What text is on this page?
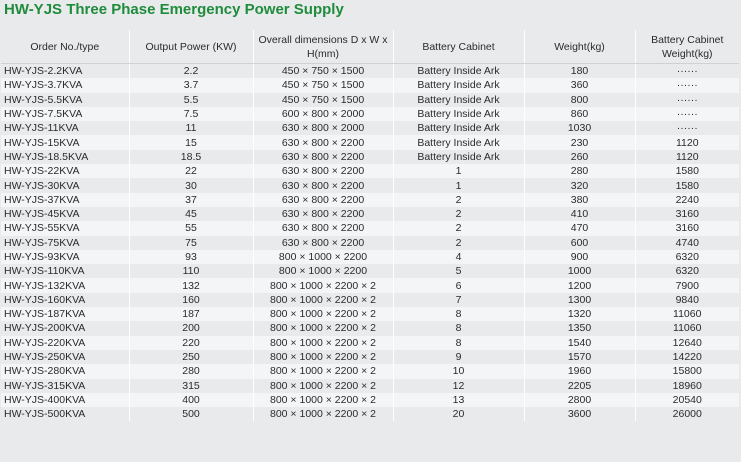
HW-YJS Three Phase Emergency Power Supply
Order No./type	Output Power (KW)	Overall dimensions D x W x H(mm)	Battery Cabinet	Weight(kg)	Battery Cabinet Weight(kg)
HW-YJS-2.2KVA	2.2	450 × 750 × 1500	Battery Inside Ark	180	······
HW-YJS-3.7KVA	3.7	450 × 750 × 1500	Battery Inside Ark	360	······
HW-YJS-5.5KVA	5.5	450 × 750 × 1500	Battery Inside Ark	800	······
HW-YJS-7.5KVA	7.5	600 × 800 × 2000	Battery Inside Ark	860	······
HW-YJS-11KVA	11	630 × 800 × 2000	Battery Inside Ark	1030	······
HW-YJS-15KVA	15	630 × 800 × 2200	Battery Inside Ark	230	1120
HW-YJS-18.5KVA	18.5	630 × 800 × 2200	Battery Inside Ark	260	1120
HW-YJS-22KVA	22	630 × 800 × 2200	1	280	1580
HW-YJS-30KVA	30	630 × 800 × 2200	1	320	1580
HW-YJS-37KVA	37	630 × 800 × 2200	2	380	2240
HW-YJS-45KVA	45	630 × 800 × 2200	2	410	3160
HW-YJS-55KVA	55	630 × 800 × 2200	2	470	3160
HW-YJS-75KVA	75	630 × 800 × 2200	2	600	4740
HW-YJS-93KVA	93	800 × 1000 × 2200	4	900	6320
HW-YJS-110KVA	110	800 × 1000 × 2200	5	1000	6320
HW-YJS-132KVA	132	800 × 1000 × 2200 × 2	6	1200	7900
HW-YJS-160KVA	160	800 × 1000 × 2200 × 2	7	1300	9840
HW-YJS-187KVA	187	800 × 1000 × 2200 × 2	8	1320	11060
HW-YJS-200KVA	200	800 × 1000 × 2200 × 2	8	1350	11060
HW-YJS-220KVA	220	800 × 1000 × 2200 × 2	8	1540	12640
HW-YJS-250KVA	250	800 × 1000 × 2200 × 2	9	1570	14220
HW-YJS-280KVA	280	800 × 1000 × 2200 × 2	10	1960	15800
HW-YJS-315KVA	315	800 × 1000 × 2200 × 2	12	2205	18960
HW-YJS-400KVA	400	800 × 1000 × 2200 × 2	13	2800	20540
HW-YJS-500KVA	500	800 × 1000 × 2200 × 2	20	3600	26000
